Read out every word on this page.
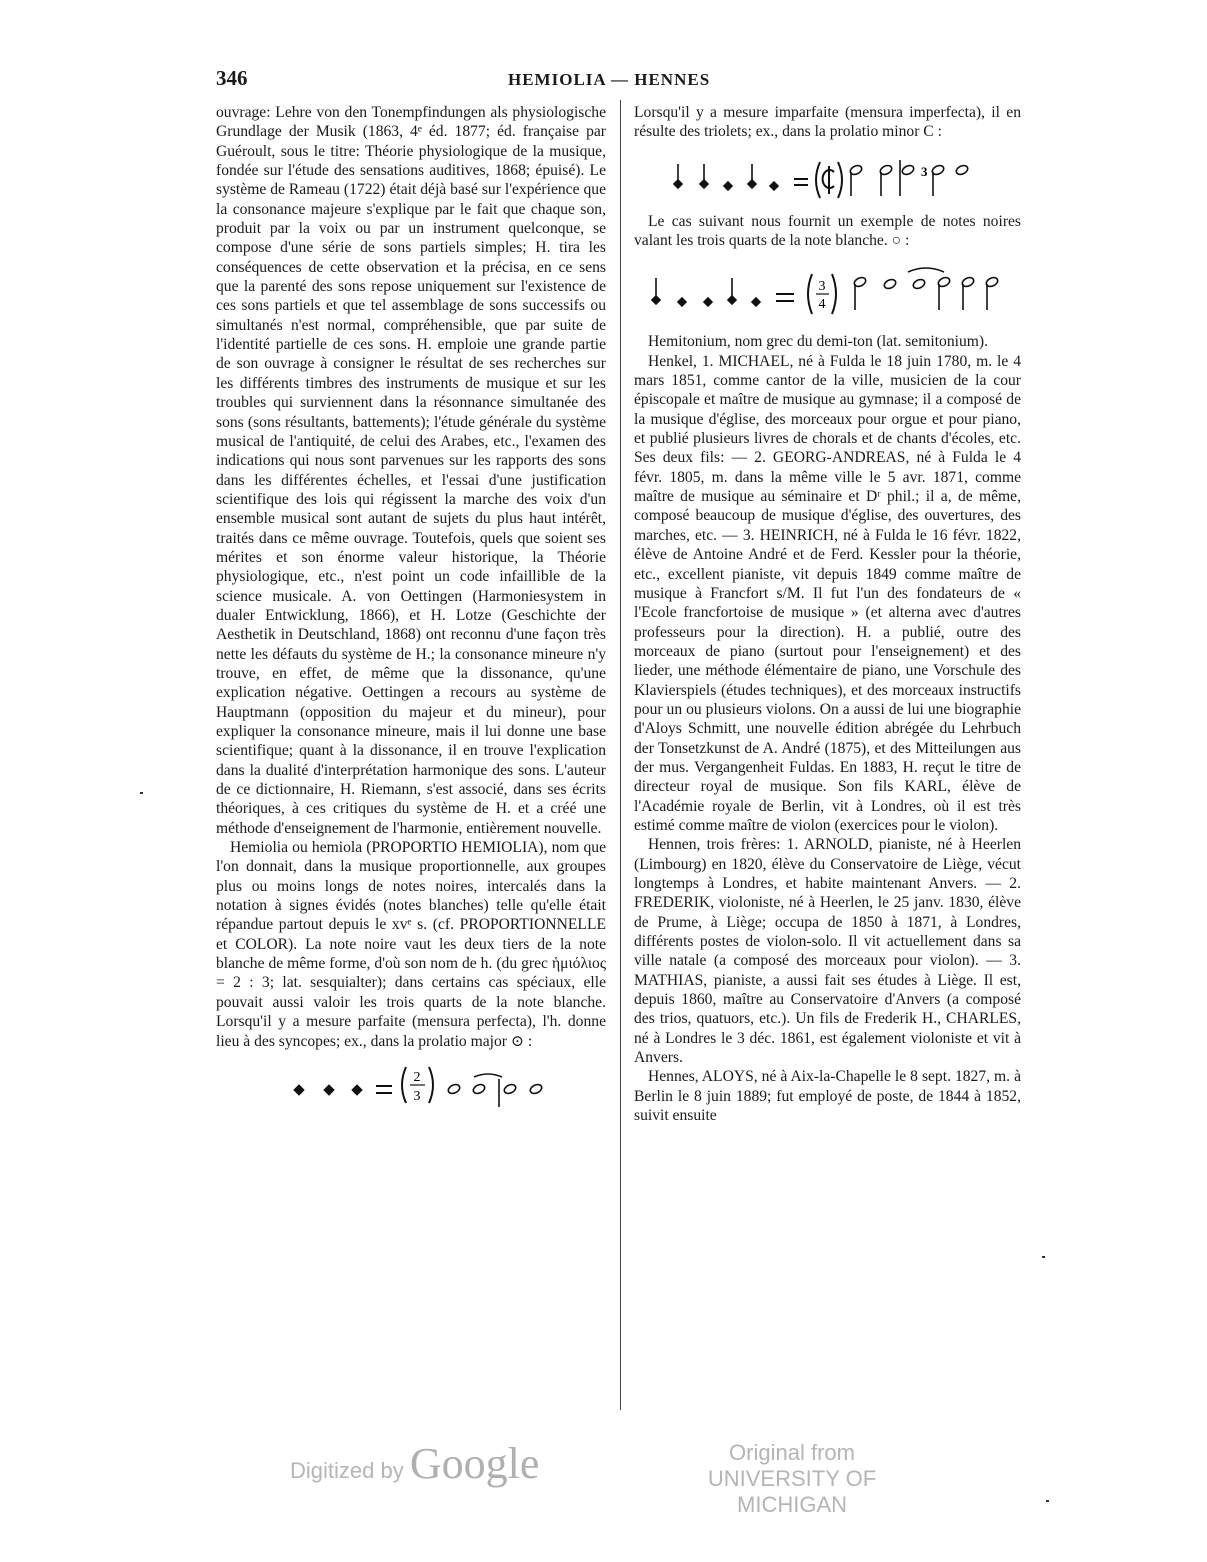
346	HEMIOLIA — HENNES

ouvrage: Lehre von den Tonempfindungen als physiologische Grundlage der Musik (1863, 4ᵉ éd. 1877; éd. française par Guéroult, sous le titre: Théorie physiologique de la musique, fondée sur l'étude des sensations auditives, 1868; épuisé). Le système de Rameau (1722) était déjà basé sur l'expérience que la consonance majeure s'explique par le fait que chaque son, produit par la voix ou par un instrument quelconque, se compose d'une série de sons partiels simples; H. tira les conséquences de cette observation et la précisa, en ce sens que la parenté des sons repose uniquement sur l'existence de ces sons partiels et que tel assemblage de sons successifs ou simultanés n'est normal, compréhensible, que par suite de l'identité partielle de ces sons. H. emploie une grande partie de son ouvrage à consigner le résultat de ses recherches sur les différents timbres des instruments de musique et sur les troubles qui surviennent dans la résonnance simultanée des sons (sons résultants, battements); l'étude générale du système musical de l'antiquité, de celui des Arabes, etc., l'examen des indications qui nous sont parvenues sur les rapports des sons dans les différentes échelles, et l'essai d'une justification scientifique des lois qui régissent la marche des voix d'un ensemble musical sont autant de sujets du plus haut intérêt, traités dans ce même ouvrage. Toutefois, quels que soient ses mérites et son énorme valeur historique, la Théorie physiologique, etc., n'est point un code infaillible de la science musicale. A. von Oettingen (Harmoniesystem in dualer Entwicklung, 1866), et H. Lotze (Geschichte der Aesthetik in Deutschland, 1868) ont reconnu d'une façon très nette les défauts du système de H.; la consonance mineure n'y trouve, en effet, de même que la dissonance, qu'une explication négative. Oettingen a recours au système de Hauptmann (opposition du majeur et du mineur), pour expliquer la consonance mineure, mais il lui donne une base scientifique; quant à la dissonance, il en trouve l'explication dans la dualité d'interprétation harmonique des sons. L'auteur de ce dictionnaire, H. Riemann, s'est associé, dans ses écrits théoriques, à ces critiques du système de H. et a créé une méthode d'enseignement de l'harmonie, entièrement nouvelle.

Hemiolia ou hemiola (PROPORTIO HEMIOLIA), nom que l'on donnait, dans la musique proportionnelle, aux groupes plus ou moins longs de notes noires, intercalés dans la notation à signes évidés (notes blanches) telle qu'elle était répandue partout depuis le xvᵉ s. (cf. PROPORTIONNELLE et COLOR). La note noire vaut les deux tiers de la note blanche de même forme, d'où son nom de h. (du grec ἡμιόλιος = 2 : 3; lat. sesquialter); dans certains cas spéciaux, elle pouvait aussi valoir les trois quarts de la note blanche. Lorsqu'il y a mesure parfaite (mensura perfecta), l'h. donne lieu à des syncopes; ex., dans la prolatio major ⊙ :

2
3

Lorsqu'il y a mesure imparfaite (mensura imperfecta), il en résulte des triolets; ex., dans la prolatio minor C :

3

Le cas suivant nous fournit un exemple de notes noires valant les trois quarts de la note blanche. ○ :

3
4

Hemitonium, nom grec du demi-ton (lat. semitonium).

Henkel, 1. MICHAEL, né à Fulda le 18 juin 1780, m. le 4 mars 1851, comme cantor de la ville, musicien de la cour épiscopale et maître de musique au gymnase; il a composé de la musique d'église, des morceaux pour orgue et pour piano, et publié plusieurs livres de chorals et de chants d'écoles, etc. Ses deux fils: — 2. GEORG-ANDREAS, né à Fulda le 4 févr. 1805, m. dans la même ville le 5 avr. 1871, comme maître de musique au séminaire et Dʳ phil.; il a, de même, composé beaucoup de musique d'église, des ouvertures, des marches, etc. — 3. HEINRICH, né à Fulda le 16 févr. 1822, élève de Antoine André et de Ferd. Kessler pour la théorie, etc., excellent pianiste, vit depuis 1849 comme maître de musique à Francfort s/M. Il fut l'un des fondateurs de « l'Ecole francfortoise de musique » (et alterna avec d'autres professeurs pour la direction). H. a publié, outre des morceaux de piano (surtout pour l'enseignement) et des lieder, une méthode élémentaire de piano, une Vorschule des Klavierspiels (études techniques), et des morceaux instructifs pour un ou plusieurs violons. On a aussi de lui une biographie d'Aloys Schmitt, une nouvelle édition abrégée du Lehrbuch der Tonsetzkunst de A. André (1875), et des Mitteilungen aus der mus. Vergangenheit Fuldas. En 1883, H. reçut le titre de directeur royal de musique. Son fils KARL, élève de l'Académie royale de Berlin, vit à Londres, où il est très estimé comme maître de violon (exercices pour le violon).

Hennen, trois frères: 1. ARNOLD, pianiste, né à Heerlen (Limbourg) en 1820, élève du Conservatoire de Liège, vécut longtemps à Londres, et habite maintenant Anvers. — 2. FREDERIK, violoniste, né à Heerlen, le 25 janv. 1830, élève de Prume, à Liège; occupa de 1850 à 1871, à Londres, différents postes de violon-solo. Il vit actuellement dans sa ville natale (a composé des morceaux pour violon). — 3. MATHIAS, pianiste, a aussi fait ses études à Liège. Il est, depuis 1860, maître au Conservatoire d'Anvers (a composé des trios, quatuors, etc.). Un fils de Frederik H., CHARLES, né à Londres le 3 déc. 1861, est également violoniste et vit à Anvers.

Hennes, ALOYS, né à Aix-la-Chapelle le 8 sept. 1827, m. à Berlin le 8 juin 1889; fut employé de poste, de 1844 à 1852, suivit ensuite

Digitized by Google	Original from
UNIVERSITY OF MICHIGAN
